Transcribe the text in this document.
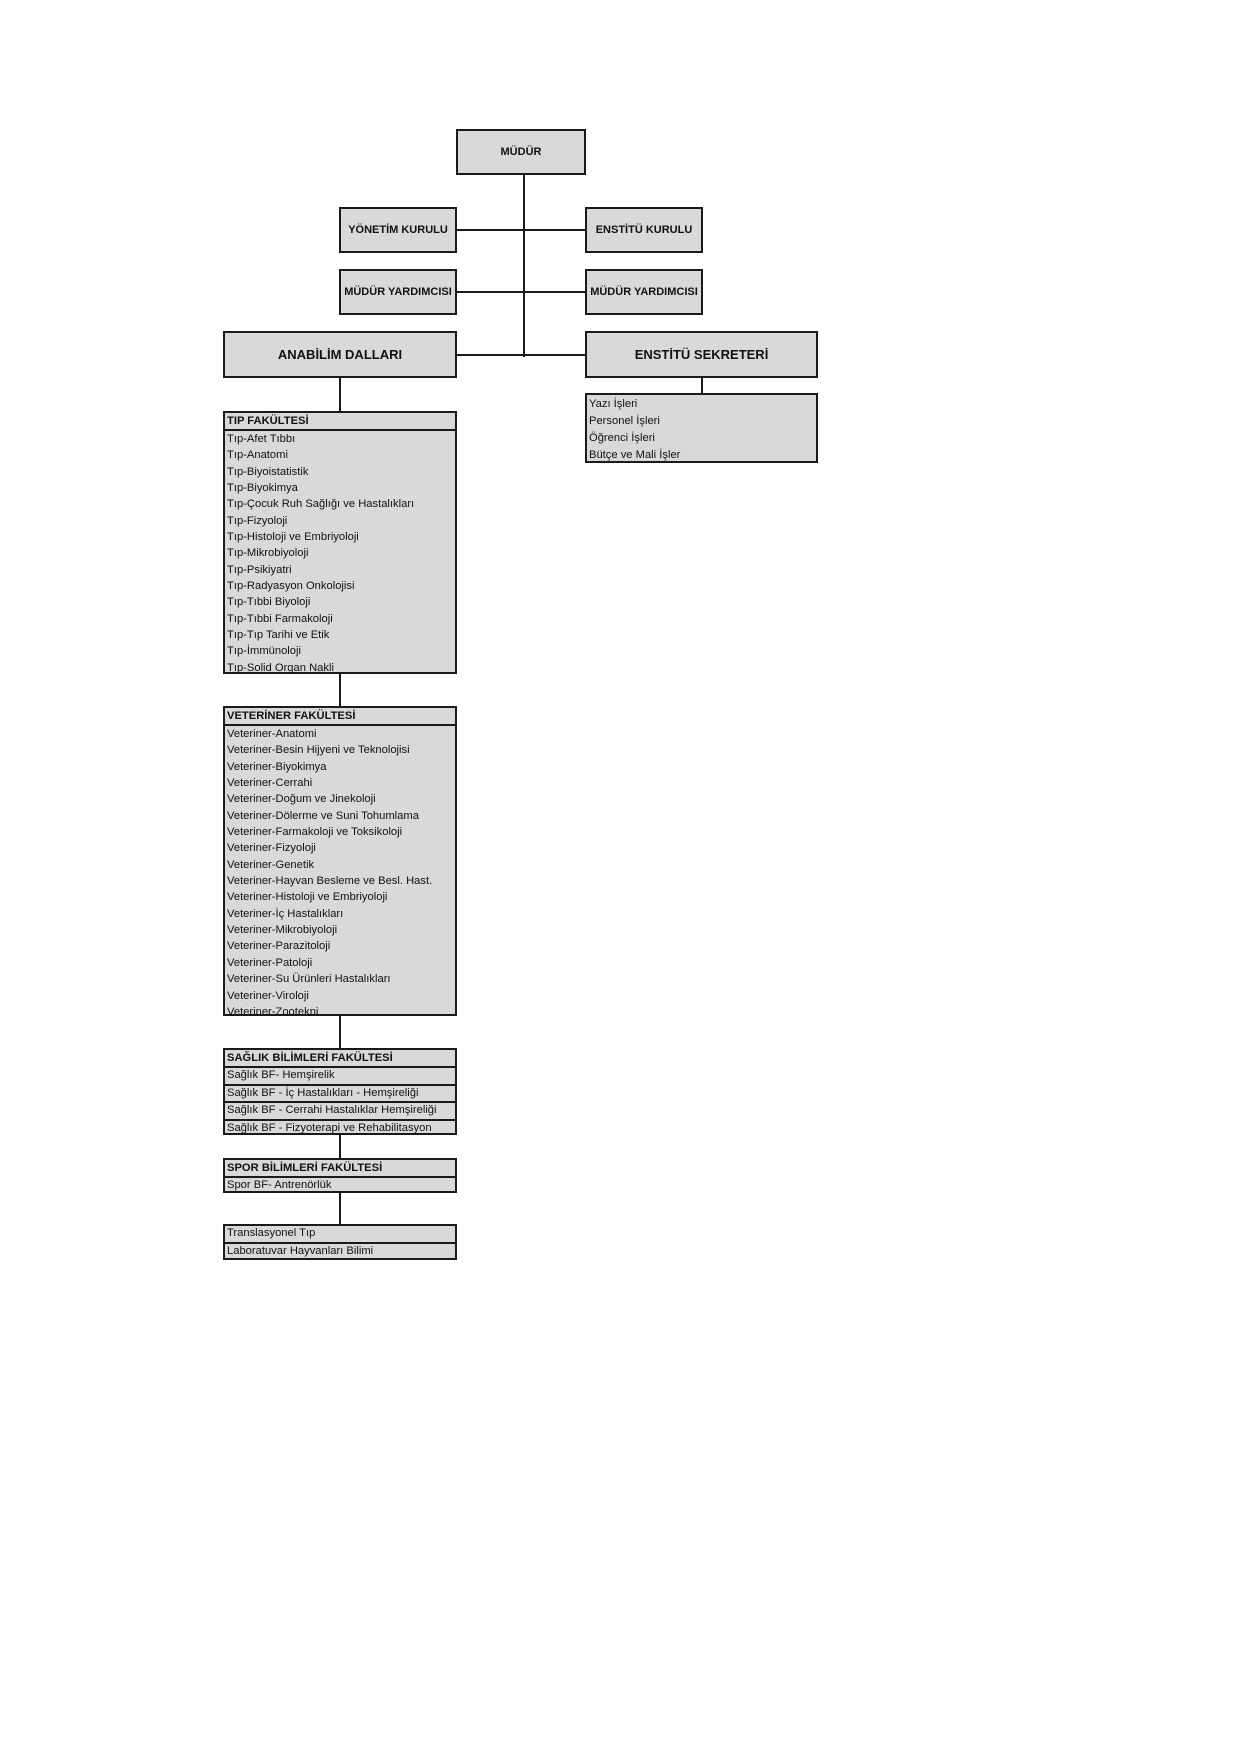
MÜDÜR
YÖNETİM KURULU	ENSTİTÜ KURULU
MÜDÜR YARDIMCISI	MÜDÜR YARDIMCISI
ANABİLİM DALLARI	ENSTİTÜ SEKRETERİ
Yazı İşleri
Personel İşleri
Öğrenci İşleri
Bütçe ve Mali İşler
TIP FAKÜLTESİ
Tıp-Afet Tıbbı
Tıp-Anatomi
Tıp-Biyoistatistik
Tıp-Biyokimya
Tıp-Çocuk Ruh Sağlığı ve Hastalıkları
Tıp-Fizyoloji
Tıp-Histoloji ve Embriyoloji
Tıp-Mikrobiyoloji
Tıp-Psikiyatri
Tıp-Radyasyon Onkolojisi
Tıp-Tıbbi Biyoloji
Tıp-Tıbbi Farmakoloji
Tıp-Tıp Tarihi ve Etik
Tıp-İmmünoloji
Tıp-Solid Organ Nakli
VETERİNER FAKÜLTESİ
Veteriner-Anatomi
Veteriner-Besin Hijyeni ve Teknolojisi
Veteriner-Biyokimya
Veteriner-Cerrahi
Veteriner-Doğum ve Jinekoloji
Veteriner-Dölerme ve Suni Tohumlama
Veteriner-Farmakoloji ve Toksikoloji
Veteriner-Fizyoloji
Veteriner-Genetik
Veteriner-Hayvan Besleme ve Besl. Hast.
Veteriner-Histoloji ve Embriyoloji
Veteriner-İç Hastalıkları
Veteriner-Mikrobiyoloji
Veteriner-Parazitoloji
Veteriner-Patoloji
Veteriner-Su Ürünleri Hastalıkları
Veteriner-Viroloji
Veteriner-Zootekni
SAĞLIK BİLİMLERİ FAKÜLTESİ
Sağlık BF- Hemşirelik
Sağlık BF - İç Hastalıkları - Hemşireliği
Sağlık BF - Cerrahi Hastalıklar Hemşireliği
Sağlık BF - Fizyoterapi ve Rehabilitasyon
SPOR BİLİMLERİ FAKÜLTESİ
Spor BF- Antrenörlük
Translasyonel Tıp
Laboratuvar Hayvanları Bilimi
